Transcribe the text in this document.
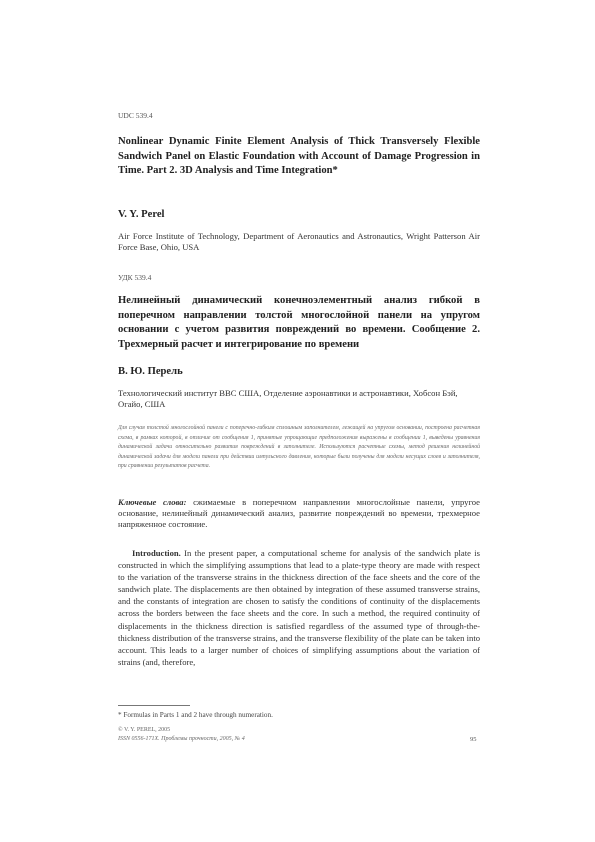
UDC 539.4
Nonlinear Dynamic Finite Element Analysis of Thick Transversely Flexible Sandwich Panel on Elastic Foundation with Account of Damage Progression in Time. Part 2. 3D Analysis and Time Integration*
V. Y. Perel
Air Force Institute of Technology, Department of Aeronautics and Astronautics, Wright Patterson Air Force Base, Ohio, USA
УДК 539.4
Нелинейный динамический конечноэлементный анализ гибкой в поперечном направлении толстой многослойной панели на упругом основании с учетом развития повреждений во времени. Сообщение 2. Трехмерный расчет и интегрирование по времени
В. Ю. Перель
Технологический институт ВВС США, Отделение аэронавтики и астронавтики, Хобсон Бэй, Огайо, США
Для случая толстой многослойной панели с поперечно-гибким сплошным заполнителем, лежащей на упругом основании, построена расчетная схема, в рамках которой, в отличие от сообщения 1, принятые упрощающие предположения выражены в сообщении 1, выведены уравнения динамической задачи относительно развития повреждений в заполнителе. Используются расчетные схемы, метод решения нелинейной динамической задачи для модели панели при действии импульсного давления, которые были получены для модели несущих слоев и заполнителя, при сравнении результатов расчета.
Ключевые слова: сжимаемые в поперечном направлении многослойные панели, упругое основание, нелинейный динамический анализ, развитие повреждений во времени, трехмерное напряженное состояние.

Introduction. In the present paper, a computational scheme for analysis of the sandwich plate is constructed in which the simplifying assumptions that lead to a plate-type theory are made with respect to the variation of the transverse strains in the thickness direction of the face sheets and the core of the sandwich plate. The displacements are then obtained by integration of these assumed transverse strains, and the constants of integration are chosen to satisfy the conditions of continuity of the displacements across the borders between the face sheets and the core. In such a method, the required continuity of displacements in the thickness direction is satisfied regardless of the assumed type of through-the-thickness distribution of the transverse strains, and the transverse flexibility of the plate can be taken into account. This leads to a larger number of choices of simplifying assumptions about the variation of strains (and, therefore,

* Formulas in Parts 1 and 2 have through numeration.
© V. Y. PEREL, 2005
ISSN 0556-171X. Проблемы прочности, 2005, № 4	95
